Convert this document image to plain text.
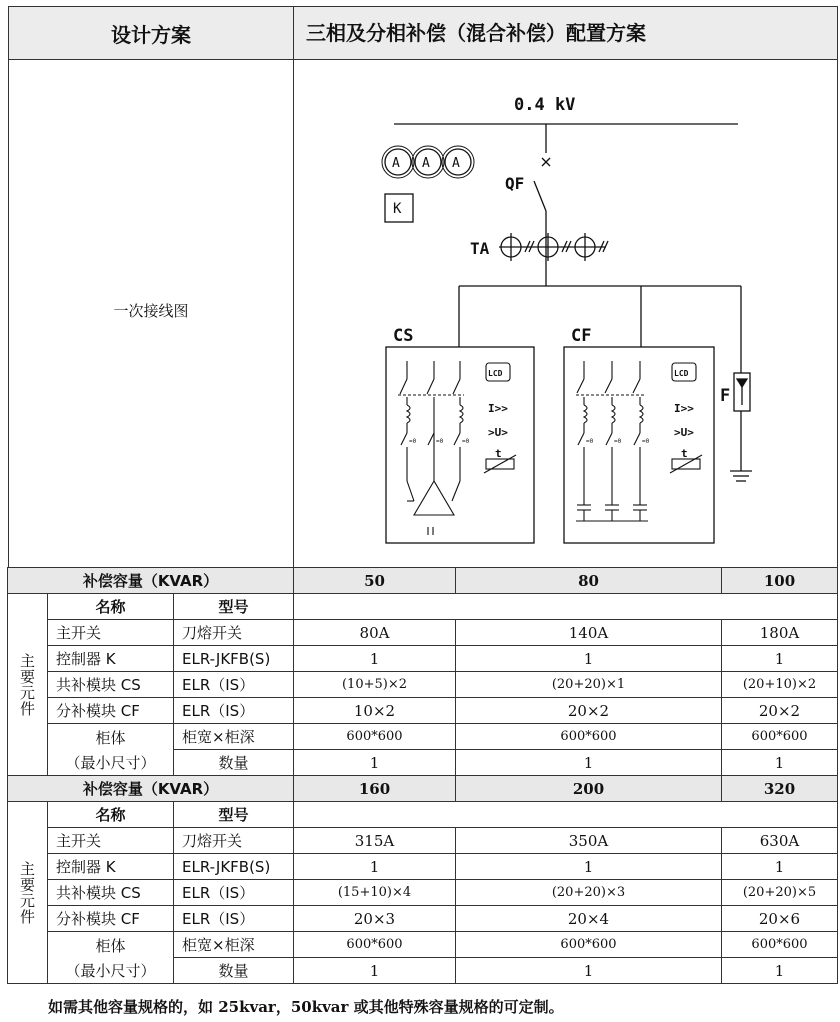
设计方案	三相及分相补偿（混合补偿）配置方案
一次接线图
0.4 kV
QF
TA
CS	CF
F
A A A
K
LCD	LCD
I>>
>U>
t
I>>
>U>
t
=0	=0	=0	=0	=0	=0
补偿容量（KVAR）	50	80	100
主要元件
名称	型号
主开关	刀熔开关	80A	140A	180A
控制器 K	ELR-JKFB(S)	1	1	1
共补模块 CS	ELR（IS）	(10+5)×2	(20+20)×1	(20+10)×2
分补模块 CF	ELR（IS）	10×2	20×2	20×2
柜体	柜宽×柜深	600*600	600*600	600*600
（最小尺寸）	数量	1	1	1
补偿容量（KVAR）	160	200	320
主要元件
名称	型号
主开关	刀熔开关	315A	350A	630A
控制器 K	ELR-JKFB(S)	1	1	1
共补模块 CS	ELR（IS）	(15+10)×4	(20+20)×3	(20+20)×5
分补模块 CF	ELR（IS）	20×3	20×4	20×6
柜体	柜宽×柜深	600*600	600*600	600*600
（最小尺寸）	数量	1	1	1
如需其他容量规格的，如 25kvar，50kvar 或其他特殊容量规格的可定制。
